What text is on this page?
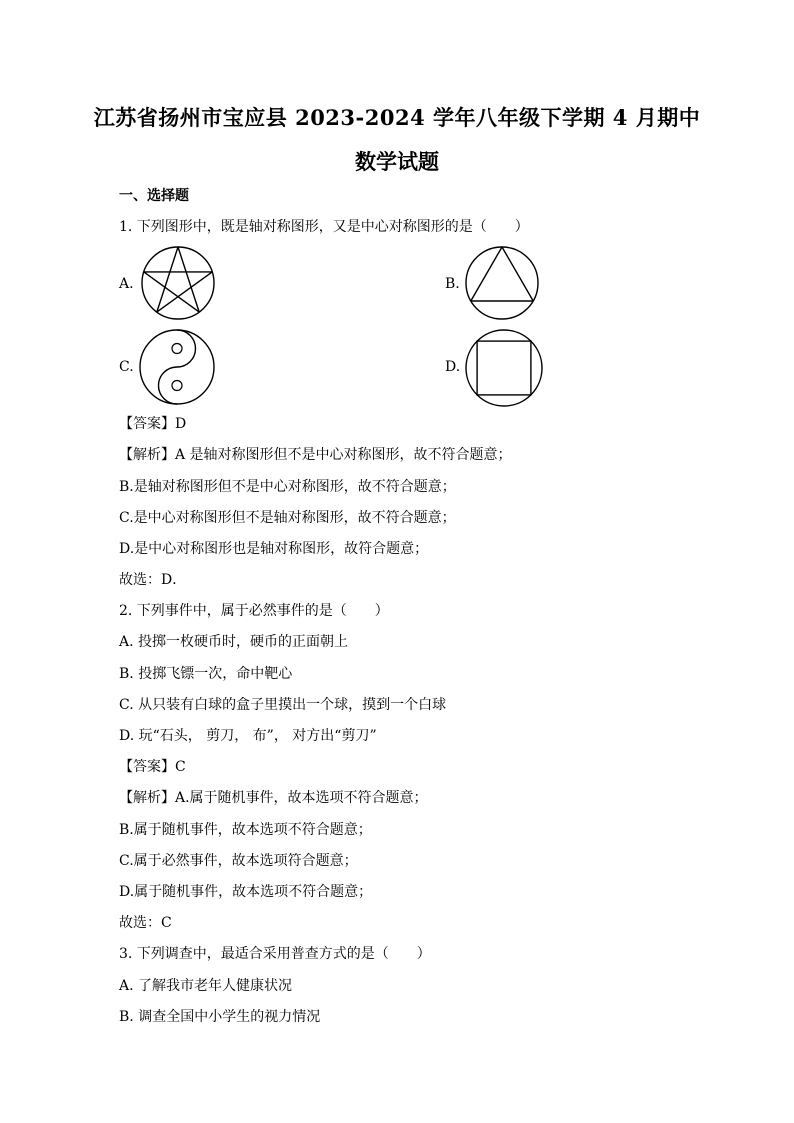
江苏省扬州市宝应县 2023-2024 学年八年级下学期 4 月期中
数学试题
一、选择题
1. 下列图形中，既是轴对称图形，又是中心对称图形的是（　　）
A.	B.
C.	D.
【答案】D
【解析】A 是轴对称图形但不是中心对称图形，故不符合题意；
B.是轴对称图形但不是中心对称图形，故不符合题意；
C.是中心对称图形但不是轴对称图形，故不符合题意；
D.是中心对称图形也是轴对称图形，故符合题意；
故选：D．
2. 下列事件中，属于必然事件的是（　　）
A. 投掷一枚硬币时，硬币的正面朝上
B. 投掷飞镖一次，命中靶心
C. 从只装有白球的盒子里摸出一个球，摸到一个白球
D. 玩“石头， 剪刀， 布”， 对方出“剪刀”
【答案】C
【解析】A.属于随机事件，故本选项不符合题意；
B.属于随机事件，故本选项不符合题意；
C.属于必然事件，故本选项符合题意；
D.属于随机事件，故本选项不符合题意；
故选：C
3. 下列调查中，最适合采用普查方式的是（　　）
A. 了解我市老年人健康状况
B. 调查全国中小学生的视力情况
